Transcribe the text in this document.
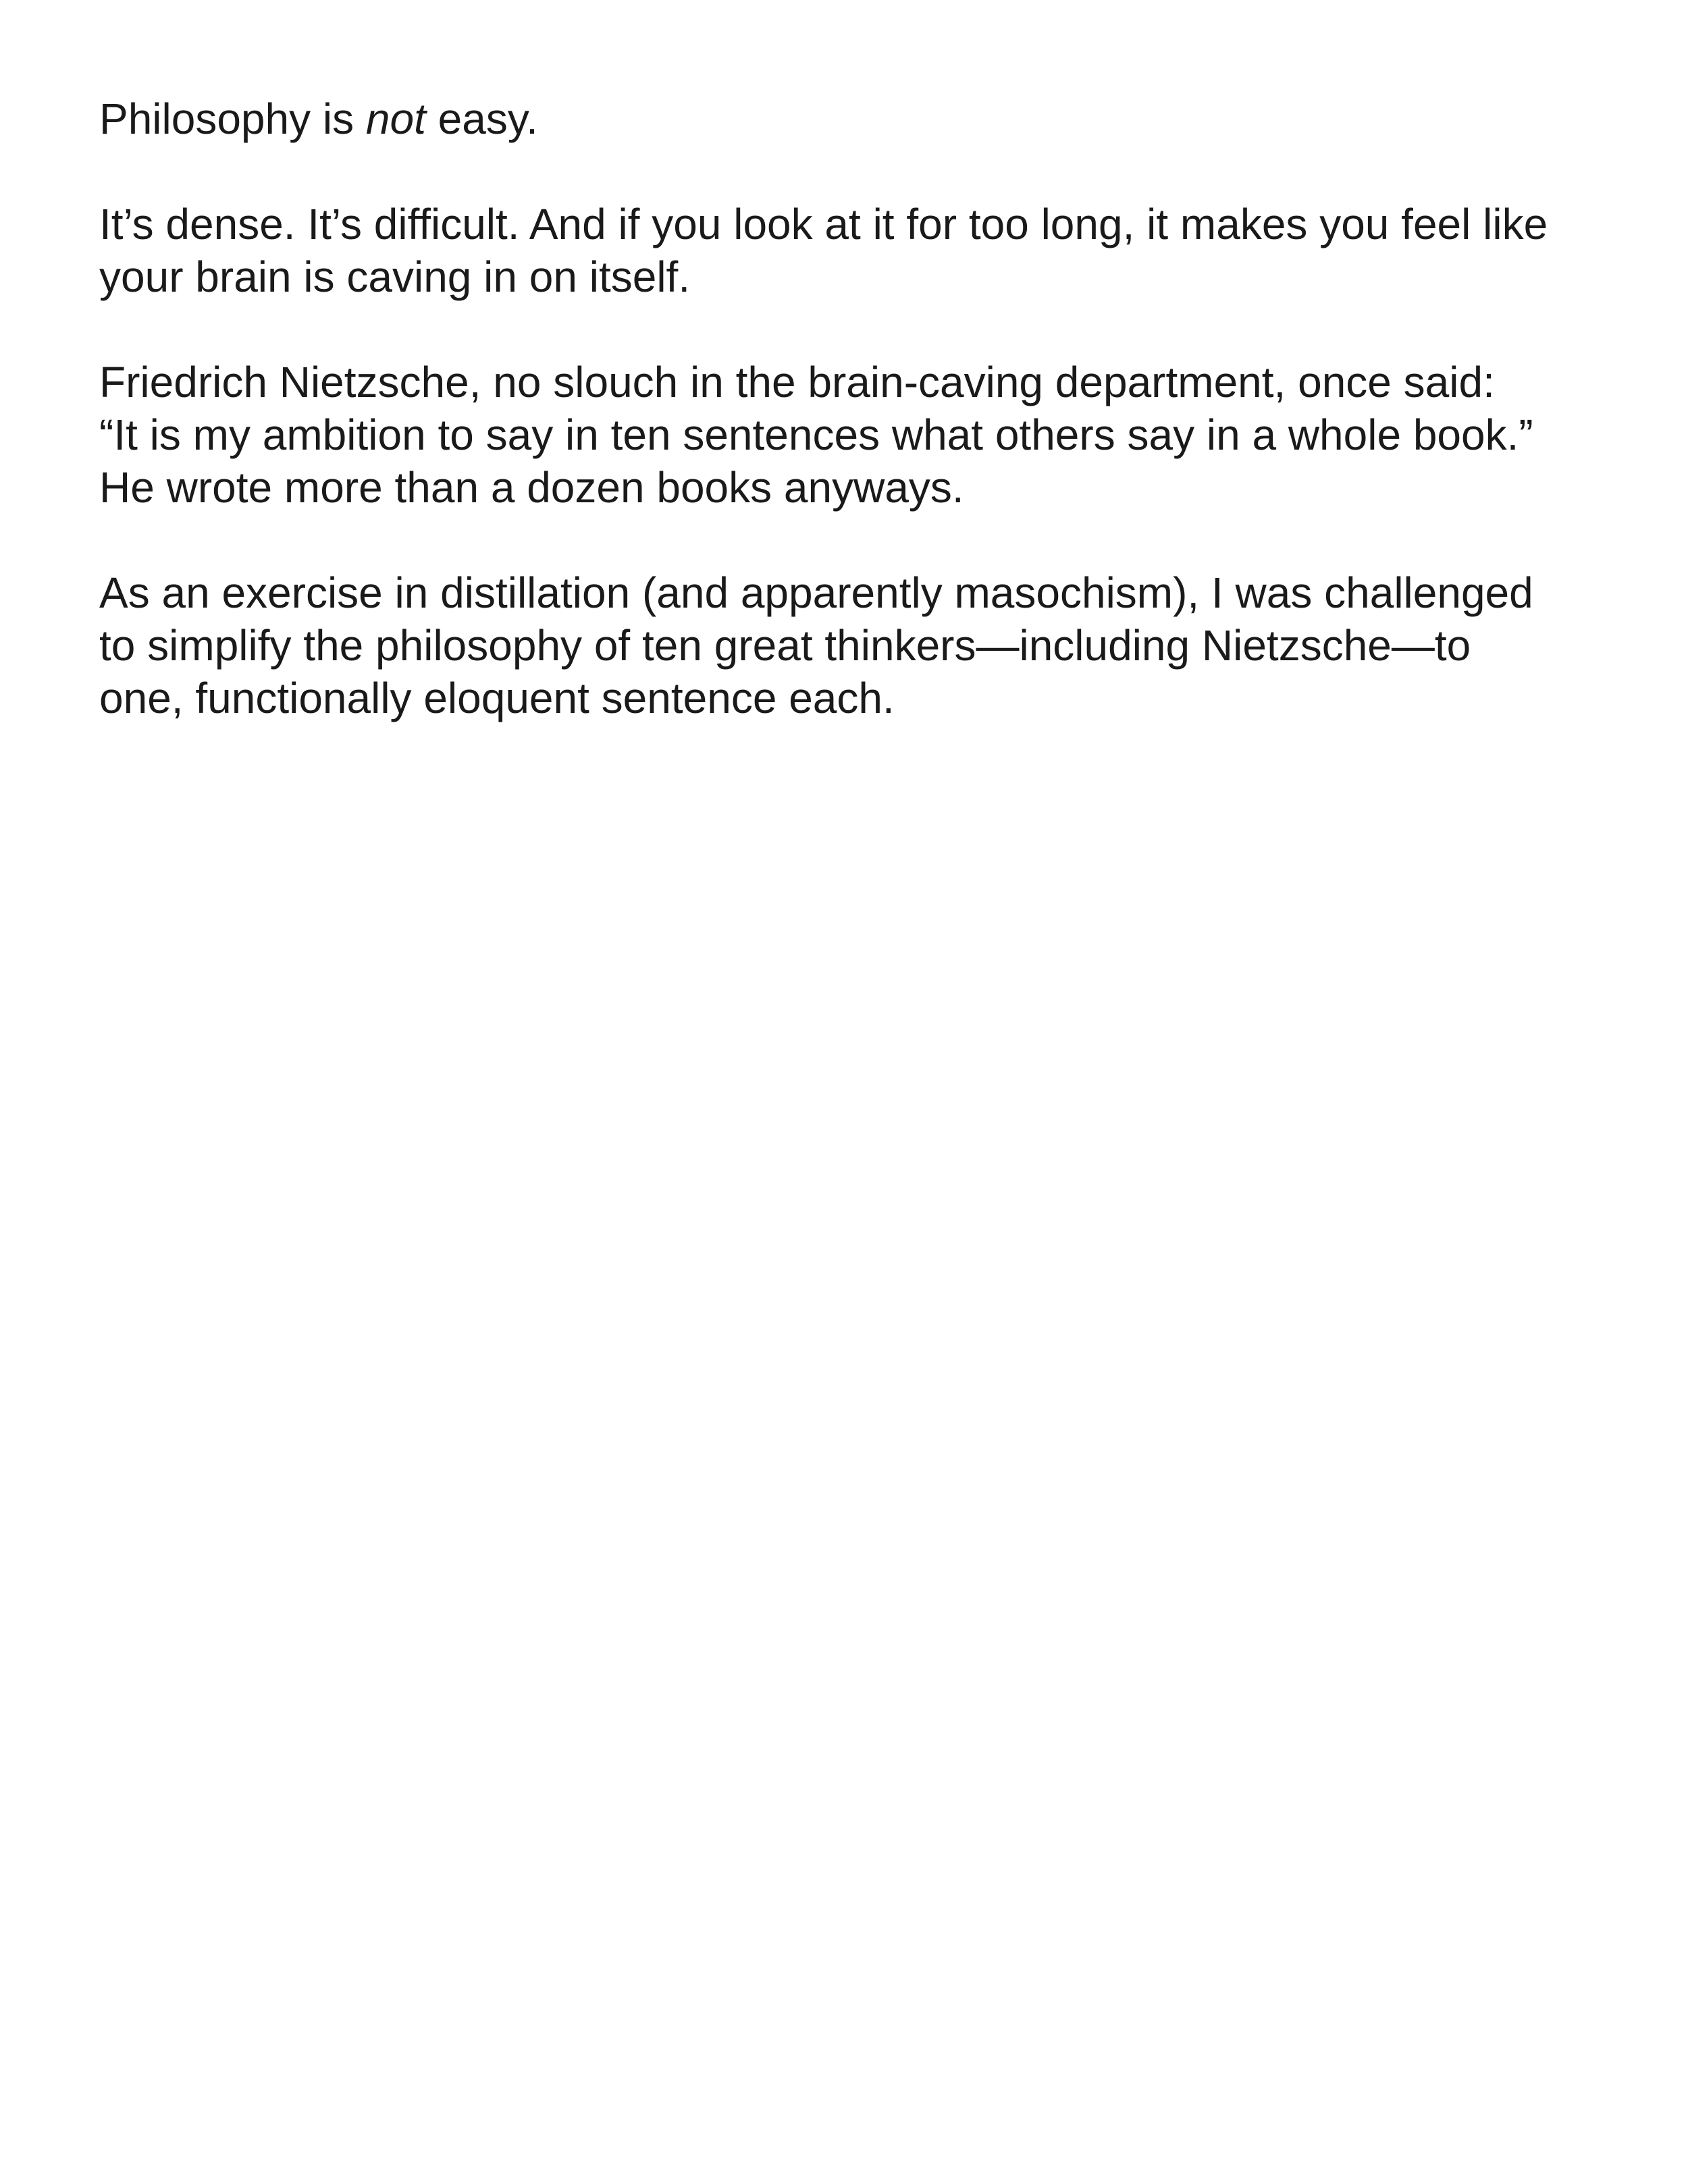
Philosophy is not easy.

It’s dense. It’s difficult. And if you look at it for too long, it makes you feel like
your brain is caving in on itself.

Friedrich Nietzsche, no slouch in the brain-caving department, once said:
“It is my ambition to say in ten sentences what others say in a whole book.”
He wrote more than a dozen books anyways.

As an exercise in distillation (and apparently masochism), I was challenged
to simplify the philosophy of ten great thinkers—including Nietzsche—to
one, functionally eloquent sentence each.
